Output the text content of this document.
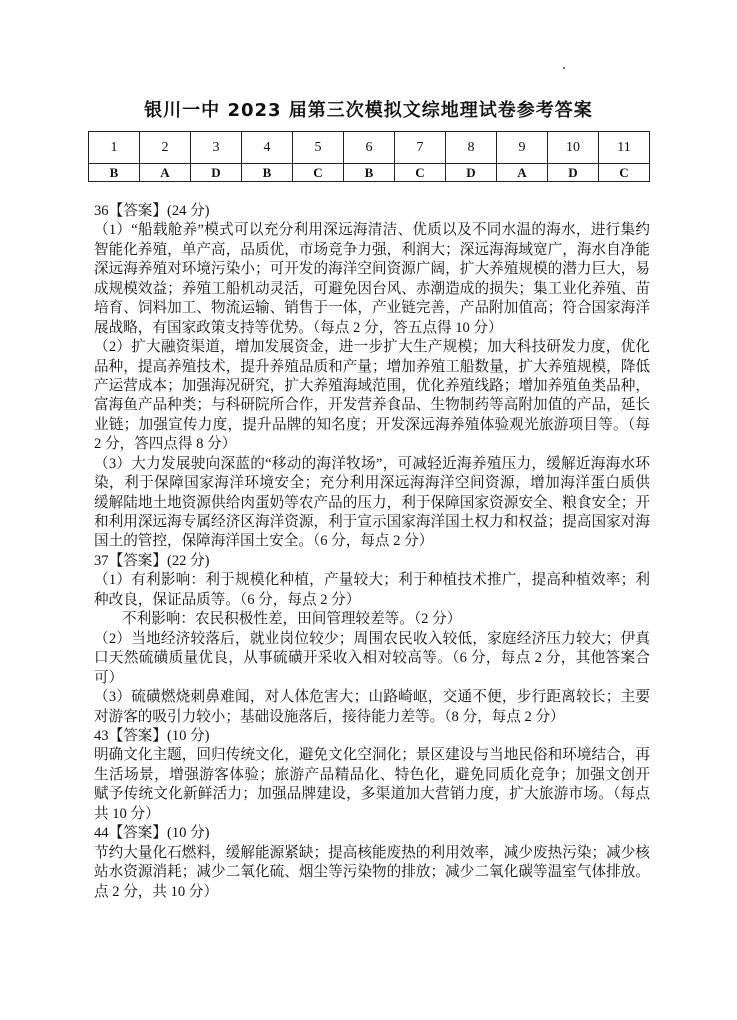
银川一中 2023 届第三次模拟文综地理试卷参考答案
1	2	3	4	5	6	7	8	9	10	11
B	A	D	B	C	B	C	D	A	D	C
36【答案】(24 分)
（1）“船载舱养”模式可以充分利用深远海清洁、优质以及不同水温的海水，进行集约
智能化养殖，单产高，品质优，市场竞争力强，利润大；深远海海域宽广，海水自净能
深远海养殖对环境污染小；可开发的海洋空间资源广阔，扩大养殖规模的潜力巨大，易
成规模效益；养殖工船机动灵活，可避免因台风、赤潮造成的损失；集工业化养殖、苗
培育、饲料加工、物流运输、销售于一体，产业链完善，产品附加值高；符合国家海洋
展战略，有国家政策支持等优势。（每点 2 分，答五点得 10 分）
（2）扩大融资渠道，增加发展资金，进一步扩大生产规模；加大科技研发力度，优化
品种，提高养殖技术，提升养殖品质和产量；增加养殖工船数量，扩大养殖规模，降低
产运营成本；加强海况研究，扩大养殖海域范围，优化养殖线路；增加养殖鱼类品种，
富海鱼产品种类；与科研院所合作，开发营养食品、生物制药等高附加值的产品，延长
业链；加强宣传力度，提升品牌的知名度；开发深远海养殖体验观光旅游项目等。（每
2 分，答四点得 8 分）
（3）大力发展驶向深蓝的“移动的海洋牧场”，可减轻近海养殖压力，缓解近海海水环
染，利于保障国家海洋环境安全；充分利用深远海海洋空间资源，增加海洋蛋白质供
缓解陆地土地资源供给肉蛋奶等农产品的压力，利于保障国家资源安全、粮食安全；开
和利用深远海专属经济区海洋资源，利于宣示国家海洋国土权力和权益；提高国家对海
国土的管控，保障海洋国土安全。（6 分，每点 2 分）
37【答案】(22 分)
（1）有利影响：利于规模化种植，产量较大；利于种植技术推广，提高种植效率；利
种改良，保证品质等。（6 分，每点 2 分）
不利影响：农民积极性差，田间管理较差等。（2 分）
（2）当地经济较落后，就业岗位较少；周围农民收入较低，家庭经济压力较大；伊真
口天然硫磺质量优良，从事硫磺开采收入相对较高等。（6 分，每点 2 分，其他答案合
可）
（3）硫磺燃烧刺鼻难闻，对人体危害大；山路崎岖，交通不便，步行距离较长；主要
对游客的吸引力较小；基础设施落后，接待能力差等。（8 分，每点 2 分）
43【答案】(10 分)
明确文化主题，回归传统文化，避免文化空洞化；景区建设与当地民俗和环境结合，再
生活场景，增强游客体验；旅游产品精品化、特色化，避免同质化竞争；加强文创开
赋予传统文化新鲜活力；加强品牌建设，多渠道加大营销力度，扩大旅游市场。（每点
共 10 分）
44【答案】(10 分)
节约大量化石燃料，缓解能源紧缺；提高核能废热的利用效率，减少废热污染；减少核
站水资源消耗；减少二氧化硫、烟尘等污染物的排放；减少二氧化碳等温室气体排放。
点 2 分，共 10 分）
